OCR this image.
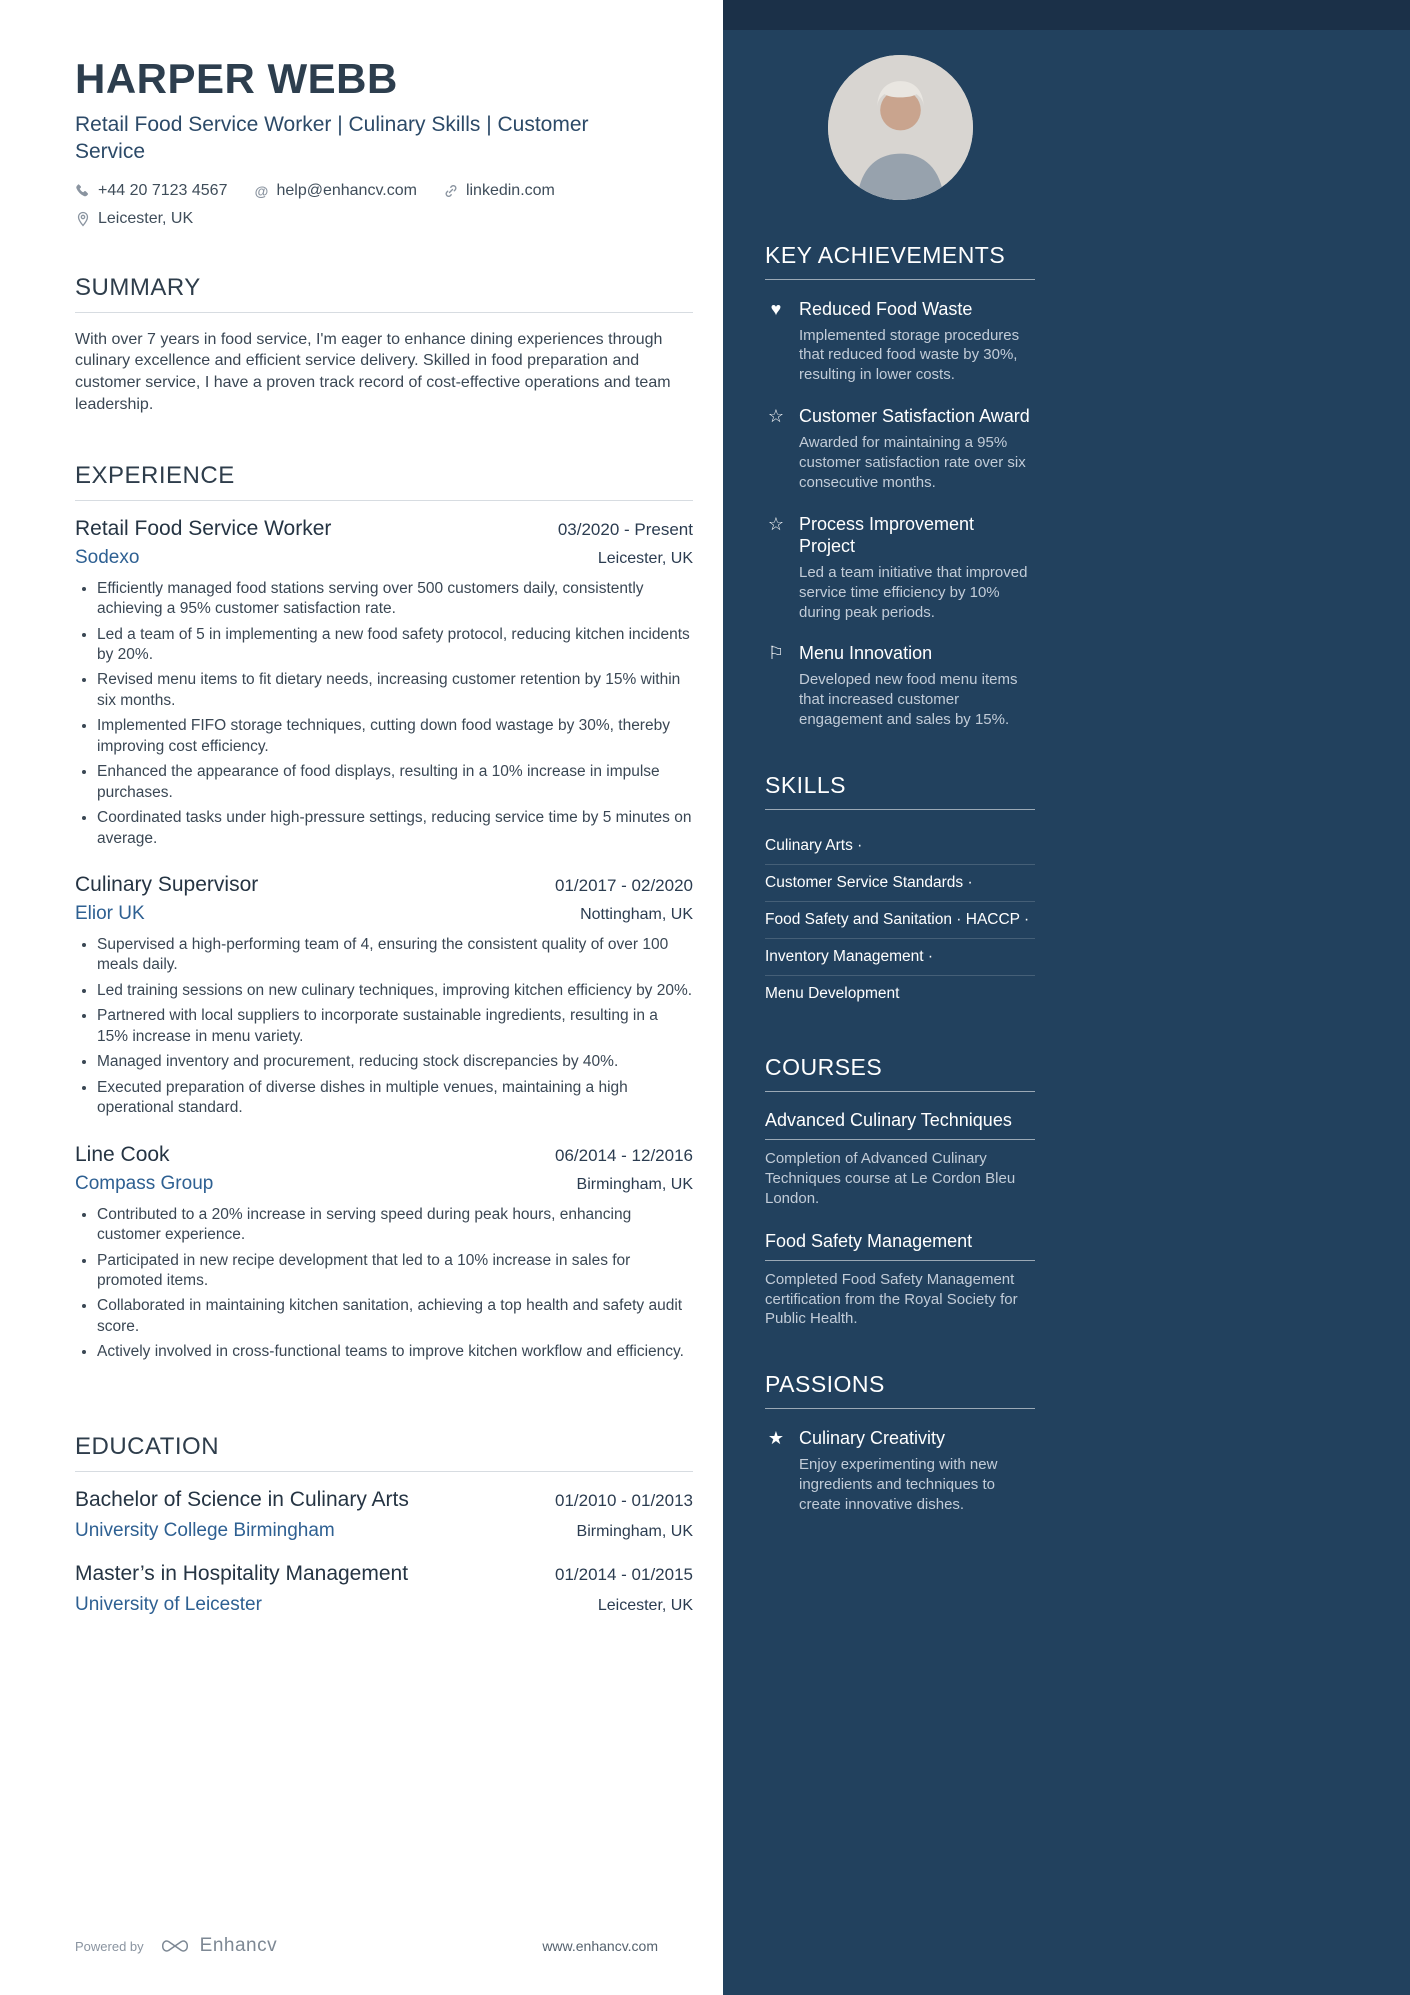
HARPER WEBB
Retail Food Service Worker | Culinary Skills | Customer Service
+44 20 7123 4567 @ help@enhancv.com	linkedin.com
Leicester, UK
SUMMARY

With over 7 years in food service, I'm eager to enhance dining experiences through culinary excellence and efficient service delivery. Skilled in food preparation and customer service, I have a proven track record of cost-effective operations and team leadership.

EXPERIENCE
Retail Food Service Worker	03/2020 - Present
Sodexo	Leicester, UK
• Efficiently managed food stations serving over 500 customers daily, consistently achieving a 95% customer satisfaction rate.
• Led a team of 5 in implementing a new food safety protocol, reducing kitchen incidents by 20%.
• Revised menu items to fit dietary needs, increasing customer retention by 15% within six months.
• Implemented FIFO storage techniques, cutting down food wastage by 30%, thereby improving cost efficiency.
• Enhanced the appearance of food displays, resulting in a 10% increase in impulse purchases.
• Coordinated tasks under high-pressure settings, reducing service time by 5 minutes on average.
Culinary Supervisor	01/2017 - 02/2020
Elior UK	Nottingham, UK
• Supervised a high-performing team of 4, ensuring the consistent quality of over 100 meals daily.
• Led training sessions on new culinary techniques, improving kitchen efficiency by 20%.
• Partnered with local suppliers to incorporate sustainable ingredients, resulting in a 15% increase in menu variety.
• Managed inventory and procurement, reducing stock discrepancies by 40%.
• Executed preparation of diverse dishes in multiple venues, maintaining a high operational standard.
Line Cook	06/2014 - 12/2016
Compass Group	Birmingham, UK
• Contributed to a 20% increase in serving speed during peak hours, enhancing customer experience.
• Participated in new recipe development that led to a 10% increase in sales for promoted items.
• Collaborated in maintaining kitchen sanitation, achieving a top health and safety audit score.
• Actively involved in cross-functional teams to improve kitchen workflow and efficiency.
EDUCATION
Bachelor of Science in Culinary Arts	01/2010 - 01/2013
University College Birmingham	Birmingham, UK
Master’s in Hospitality Management	01/2014 - 01/2015
University of Leicester	Leicester, UK
Powered by	Enhancv	www.enhancv.com
KEY ACHIEVEMENTS
♥ Reduced Food Waste
Implemented storage procedures that reduced food waste by 30%, resulting in lower costs.
☆ Customer Satisfaction Award
Awarded for maintaining a 95% customer satisfaction rate over six consecutive months.
☆ Process Improvement Project
Led a team initiative that improved service time efficiency by 10% during peak periods.
⚐ Menu Innovation
Developed new food menu items that increased customer engagement and sales by 15%.
SKILLS
Culinary Arts ·
Customer Service Standards ·
Food Safety and Sanitation · HACCP ·
Inventory Management ·
Menu Development
COURSES
Advanced Culinary Techniques
Completion of Advanced Culinary Techniques course at Le Cordon Bleu London.
Food Safety Management
Completed Food Safety Management certification from the Royal Society for Public Health.
PASSIONS
★ Culinary Creativity
Enjoy experimenting with new ingredients and techniques to create innovative dishes.
